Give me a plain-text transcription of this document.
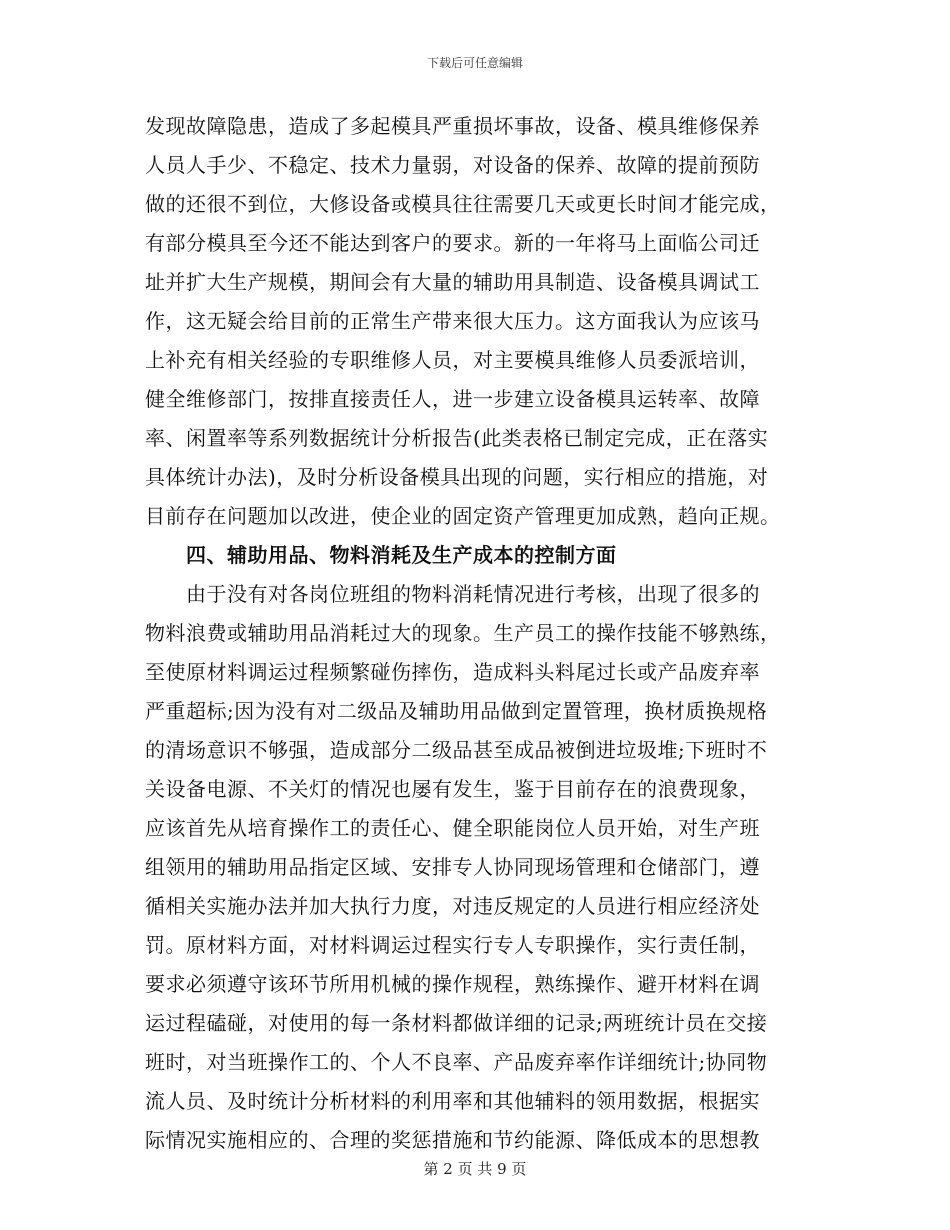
下载后可任意编辑
发现故障隐患，造成了多起模具严重损坏事故，设备、模具维修保养
人员人手少、不稳定、技术力量弱，对设备的保养、故障的提前预防
做的还很不到位，大修设备或模具往往需要几天或更长时间才能完成，
有部分模具至今还不能达到客户的要求。新的一年将马上面临公司迁
址并扩大生产规模，期间会有大量的辅助用具制造、设备模具调试工
作，这无疑会给目前的正常生产带来很大压力。这方面我认为应该马
上补充有相关经验的专职维修人员，对主要模具维修人员委派培训，
健全维修部门，按排直接责任人，进一步建立设备模具运转率、故障
率、闲置率等系列数据统计分析报告(此类表格已制定完成，正在落实
具体统计办法)，及时分析设备模具出现的问题，实行相应的措施，对
目前存在问题加以改进，使企业的固定资产管理更加成熟，趋向正规。
　　四、辅助用品、物料消耗及生产成本的控制方面
　　由于没有对各岗位班组的物料消耗情况进行考核，出现了很多的
物料浪费或辅助用品消耗过大的现象。生产员工的操作技能不够熟练，
至使原材料调运过程频繁碰伤摔伤，造成料头料尾过长或产品废弃率
严重超标;因为没有对二级品及辅助用品做到定置管理，换材质换规格
的清场意识不够强，造成部分二级品甚至成品被倒进垃圾堆;下班时不
关设备电源、不关灯的情况也屡有发生，鉴于目前存在的浪费现象，
应该首先从培育操作工的责任心、健全职能岗位人员开始，对生产班
组领用的辅助用品指定区域、安排专人协同现场管理和仓储部门，遵
循相关实施办法并加大执行力度，对违反规定的人员进行相应经济处
罚。原材料方面，对材料调运过程实行专人专职操作，实行责任制，
要求必须遵守该环节所用机械的操作规程，熟练操作、避开材料在调
运过程磕碰，对使用的每一条材料都做详细的记录;两班统计员在交接
班时，对当班操作工的、个人不良率、产品废弃率作详细统计;协同物
流人员、及时统计分析材料的利用率和其他辅料的领用数据，根据实
际情况实施相应的、合理的奖惩措施和节约能源、降低成本的思想教
第 2 页 共 9 页
